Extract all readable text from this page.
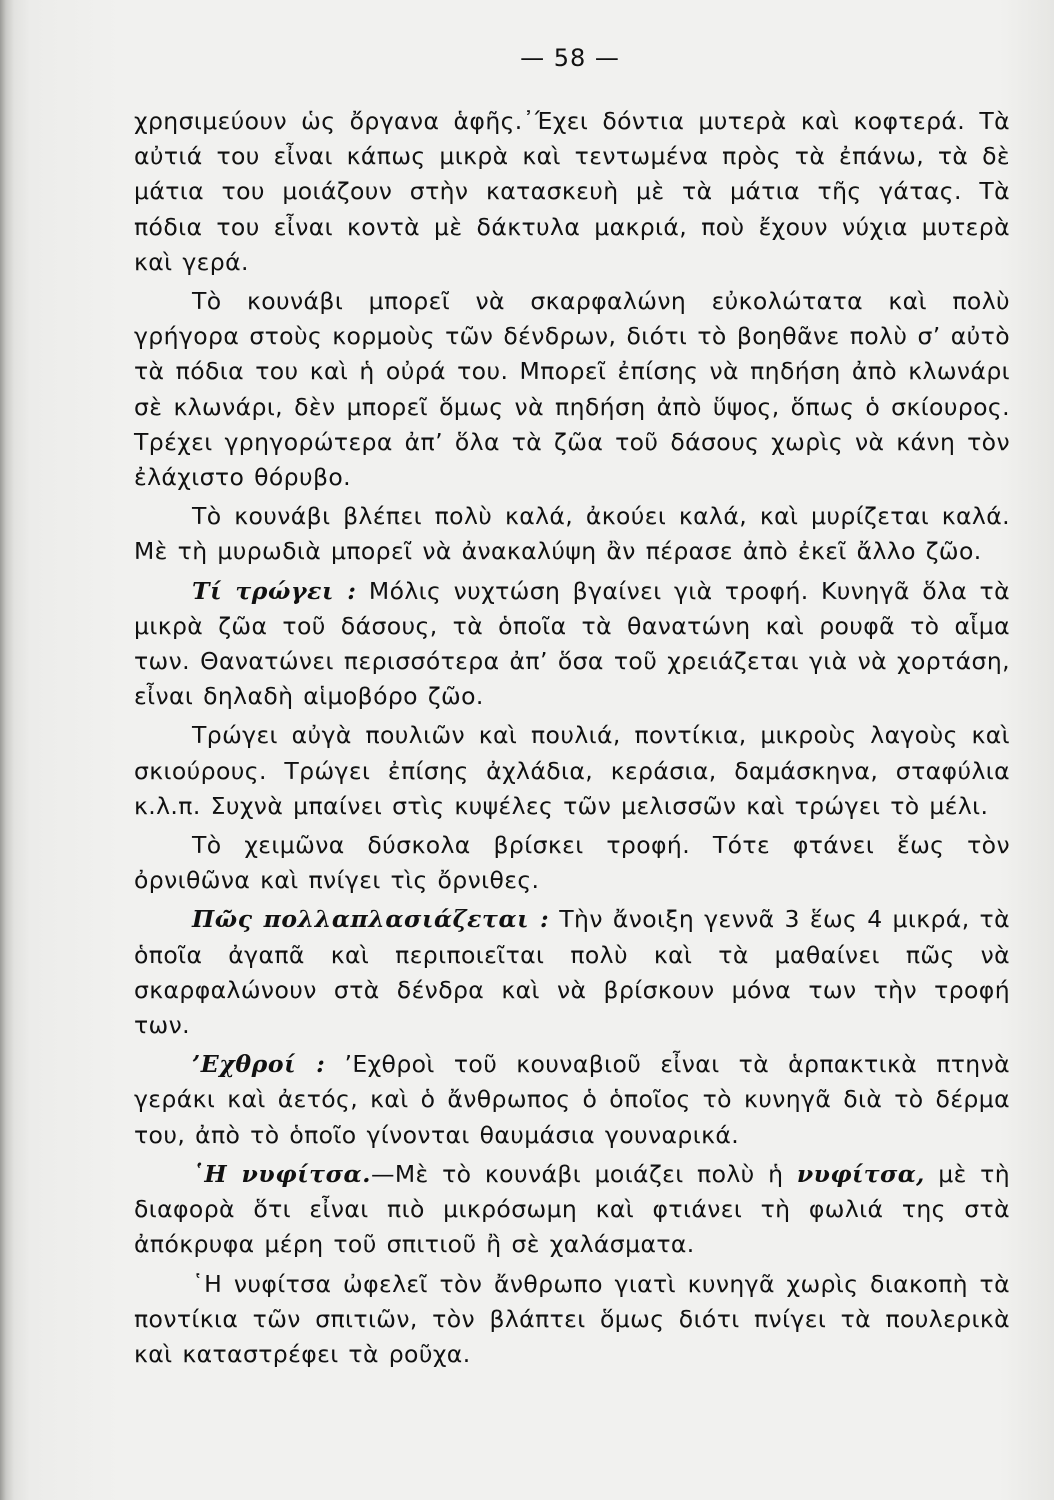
— 58 —

χρησιμεύουν ὡς ὄργανα ἁφῆς.᾿Έχει δόντια μυτερὰ καὶ κοφτερά. Τὰ αὐτιά του εἶναι κάπως μικρὰ καὶ τεντωμένα πρὸς τὰ ἐπάνω, τὰ δὲ μάτια του μοιάζουν στὴν κατασκευὴ μὲ τὰ μάτια τῆς γάτας. Τὰ πόδια του εἶναι κοντὰ μὲ δάκτυλα μακριά, ποὺ ἔχουν νύχια μυτερὰ καὶ γερά.

Τὸ κουνάβι μπορεῖ νὰ σκαρφαλώνη εὐκολώτατα καὶ πολὺ γρήγορα στοὺς κορμοὺς τῶν δένδρων, διότι τὸ βοηθᾶνε πολὺ σ’ αὐτὸ τὰ πόδια του καὶ ἡ οὐρά του. Μπορεῖ ἐπίσης νὰ πηδήση ἀπὸ κλωνάρι σὲ κλωνάρι, δὲν μπορεῖ ὅμως νὰ πηδήση ἀπὸ ὕψος, ὅπως ὁ σκίουρος. Τρέχει γρηγορώτερα ἀπ’ ὅλα τὰ ζῶα τοῦ δάσους χωρὶς νὰ κάνη τὸν ἐλάχιστο θόρυβο.

Τὸ κουνάβι βλέπει πολὺ καλά, ἀκούει καλά, καὶ μυρίζεται καλά. Μὲ τὴ μυρωδιὰ μπορεῖ νὰ ἀνακαλύψη ἂν πέρασε ἀπὸ ἐκεῖ ἄλλο ζῶο.

Τί τρώγει : Μόλις νυχτώση βγαίνει γιὰ τροφή. Κυνηγᾶ ὅλα τὰ μικρὰ ζῶα τοῦ δάσους, τὰ ὁποῖα τὰ θανατώνη καὶ ρουφᾶ τὸ αἷμα των. Θανατώνει περισσότερα ἀπ’ ὅσα τοῦ χρειάζεται γιὰ νὰ χορτάση, εἶναι δηλαδὴ αἱμοβόρο ζῶο.

Τρώγει αὐγὰ πουλιῶν καὶ πουλιά, ποντίκια, μικροὺς λαγοὺς καὶ σκιούρους. Τρώγει ἐπίσης ἀχλάδια, κεράσια, δαμάσκηνα, σταφύλια κ.λ.π. Συχνὰ μπαίνει στὶς κυψέλες τῶν μελισσῶν καὶ τρώγει τὸ μέλι.

Τὸ χειμῶνα δύσκολα βρίσκει τροφή. Τότε φτάνει ἕως τὸν ὀρνιθῶνα καὶ πνίγει τὶς ὄρνιθες.

Πῶς πολλαπλασιάζεται : Τὴν ἄνοιξη γεννᾶ 3 ἕως 4 μικρά, τὰ ὁποῖα ἀγαπᾶ καὶ περιποιεῖται πολὺ καὶ τὰ μαθαίνει πῶς νὰ σκαρφαλώνουν στὰ δένδρα καὶ νὰ βρίσκουν μόνα των τὴν τροφή των.

’Εχθροί : ’Εχθροὶ τοῦ κουναβιοῦ εἶναι τὰ ἁρπακτικὰ πτηνὰ γεράκι καὶ ἀετός, καὶ ὁ ἄνθρωπος ὁ ὁποῖος τὸ κυνηγᾶ διὰ τὸ δέρμα του, ἀπὸ τὸ ὁποῖο γίνονται θαυμάσια γουναρικά.

῾Η νυφίτσα.—Μὲ τὸ κουνάβι μοιάζει πολὺ ἡ νυφίτσα, μὲ τὴ διαφορὰ ὅτι εἶναι πιὸ μικρόσωμη καὶ φτιάνει τὴ φωλιά της στὰ ἀπόκρυφα μέρη τοῦ σπιτιοῦ ἢ σὲ χαλάσματα.

῾Η νυφίτσα ὠφελεῖ τὸν ἄνθρωπο γιατὶ κυνηγᾶ χωρὶς διακοπὴ τὰ ποντίκια τῶν σπιτιῶν, τὸν βλάπτει ὅμως διότι πνίγει τὰ πουλερικὰ καὶ καταστρέφει τὰ ροῦχα.
